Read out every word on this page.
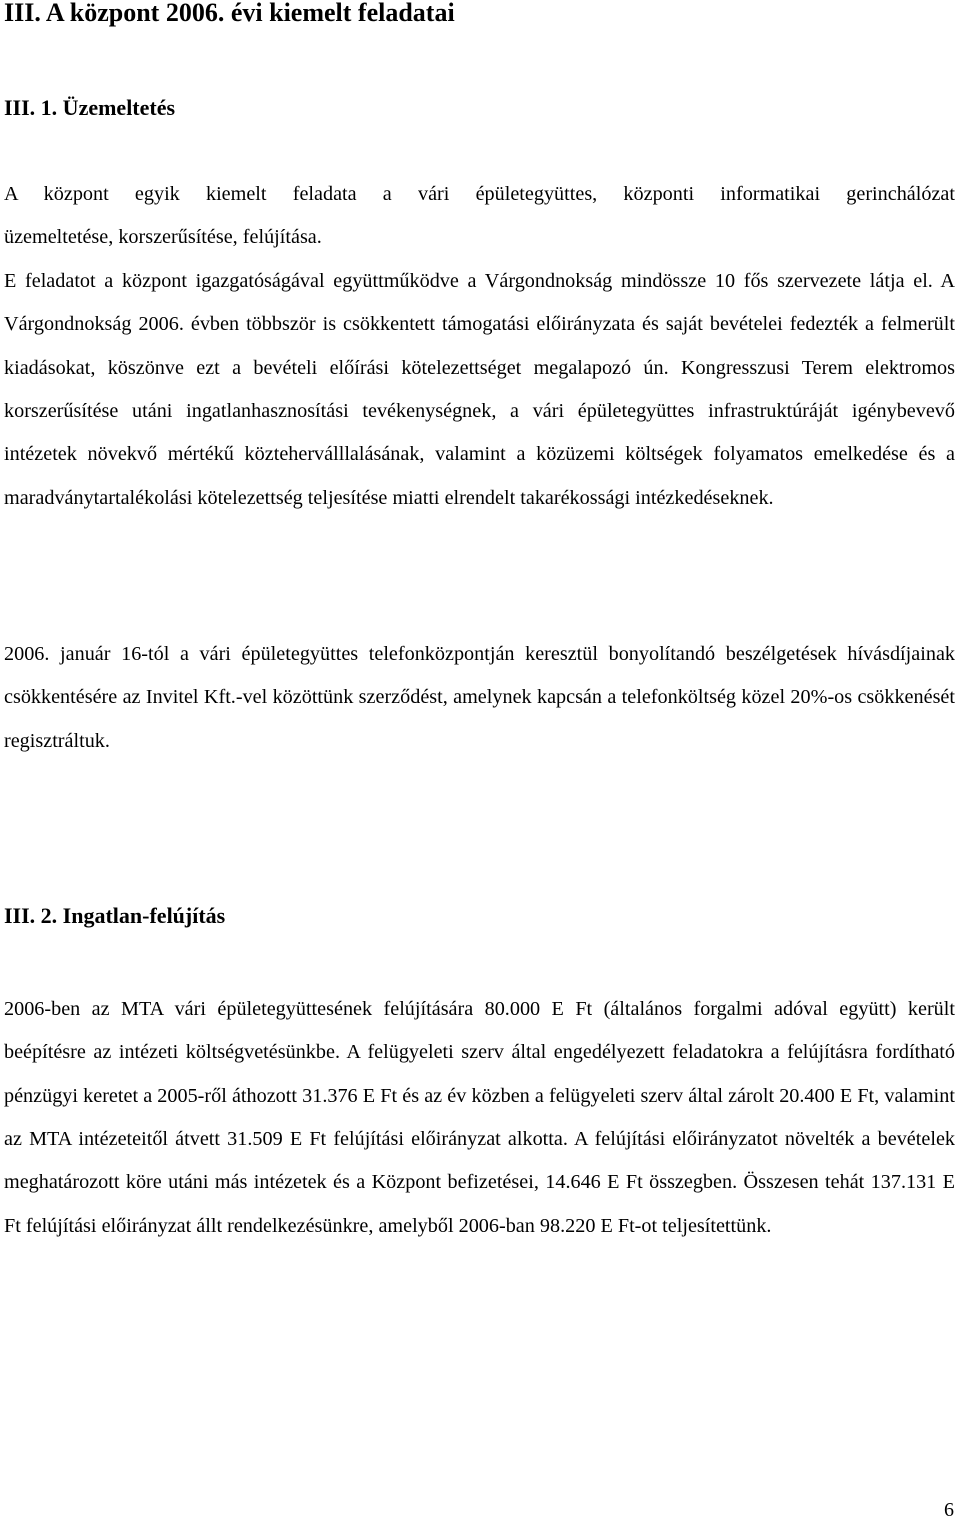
III. A központ 2006. évi kiemelt feladatai
III. 1. Üzemeltetés

A központ egyik kiemelt feladata a vári épületegyüttes, központi informatikai gerinchálózat
üzemeltetése, korszerűsítése, felújítása.

E feladatot a központ igazgatóságával együttműködve a Várgondnokság mindössze 10 fős szervezete látja el. A Várgondnokság 2006. évben többször is csökkentett támogatási előirányzata és saját bevételei fedezték a felmerült kiadásokat, köszönve ezt a bevételi előírási kötelezettséget megalapozó ún. Kongresszusi Terem elektromos korszerűsítése utáni ingatlanhasznosítási tevékenységnek, a vári épületegyüttes infrastruktúráját igénybevevő intézetek növekvő mértékű közteherválllalásának, valamint a közüzemi költségek folyamatos emelkedése és a maradványtartalékolási kötelezettség teljesítése miatti elrendelt takarékossági intézkedéseknek.

2006. január 16-tól a vári épületegyüttes telefonközpontján keresztül bonyolítandó beszélgetések hívásdíjainak csökkentésére az Invitel Kft.-vel közöttünk szerződést, amelynek kapcsán a telefonköltség közel 20%-os csökkenését regisztráltuk.

III. 2. Ingatlan-felújítás

2006-ben az MTA vári épületegyüttesének felújítására 80.000 E Ft (általános forgalmi adóval együtt) került beépítésre az intézeti költségvetésünkbe. A felügyeleti szerv által engedélyezett feladatokra a felújításra fordítható pénzügyi keretet a 2005-ről áthozott 31.376 E Ft és az év közben a felügyeleti szerv által zárolt 20.400 E Ft, valamint az MTA intézeteitől átvett 31.509 E Ft felújítási előirányzat alkotta. A felújítási előirányzatot növelték a bevételek meghatározott köre utáni más intézetek és a Központ befizetései, 14.646 E Ft összegben. Összesen tehát 137.131 E Ft felújítási előirányzat állt rendelkezésünkre, amelyből 2006-ban 98.220 E Ft-ot teljesítettünk.

6
